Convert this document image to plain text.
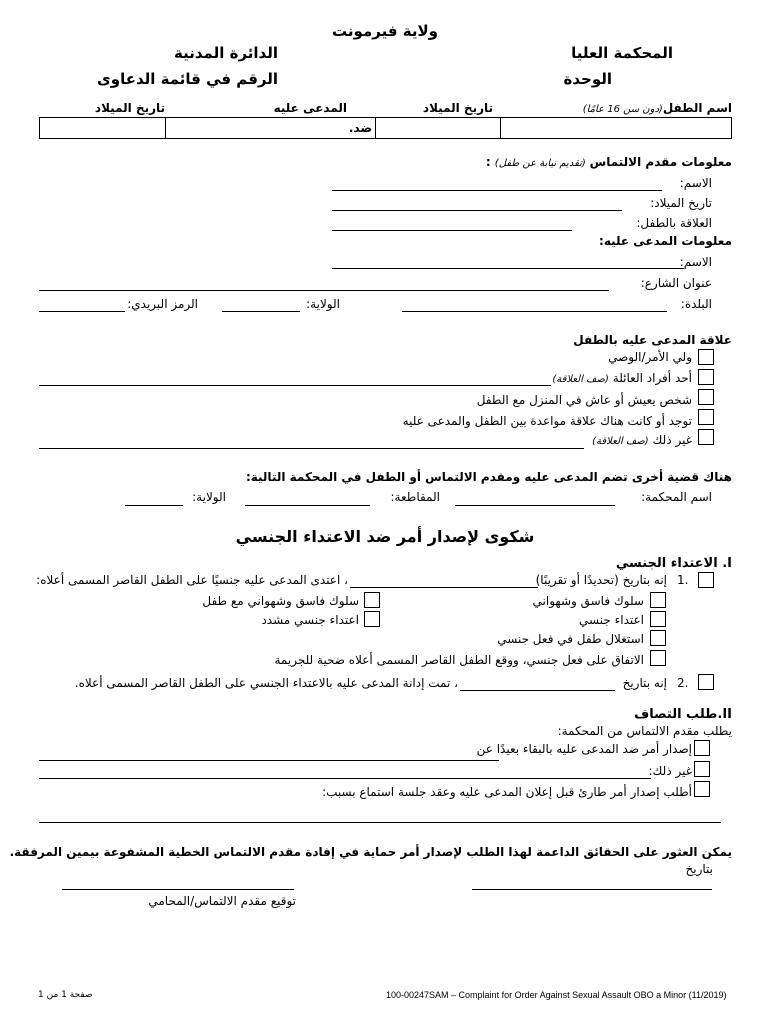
ولاية فيرمونت
المحكمة العليا
الدائرة المدنية
الوحدة
الرقم في قائمة الدعاوى
اسم الطفل(دون سن 16 عامًا)
تاريخ الميلاد
المدعى عليه
تاريخ الميلاد
ضد.
معلومات مقدم الالتماس (تقديم نيابة عن طفل) :
الاسم:
تاريخ الميلاد:
العلاقة بالطفل:
معلومات المدعى عليه:
الاسم:
عنوان الشارع:
البلدة:
الولاية:
الرمز البريدي:
علاقة المدعى عليه بالطفل
ولي الأمر/الوصي
أحد أفراد العائلة (صف العلاقة)
شخص يعيش أو عاش في المنزل مع الطفل
توجد أو كانت هناك علاقة مواعدة بين الطفل والمدعى عليه
غير ذلك (صف العلاقة)
هناك قضية أخرى تضم المدعى عليه ومقدم الالتماس أو الطفل في المحكمة التالية:
اسم المحكمة:
المقاطعة:
الولاية:
شكوى لإصدار أمر ضد الاعتداء الجنسي
I. الاعتداء الجنسي
1.
إنه بتاريخ (تحديدًا أو تقريبًا)
، اعتدى المدعى عليه جنسيًا على الطفل القاصر المسمى أعلاه:
سلوك فاسق وشهواني
سلوك فاسق وشهواني مع طفل
اعتداء جنسي
اعتداء جنسي مشدد
استغلال طفل في فعل جنسي
الاتفاق على فعل جنسي، ووقع الطفل القاصر المسمى أعلاه ضحية للجريمة
2.
إنه بتاريخ
، تمت إدانة المدعى عليه بالاعتداء الجنسي على الطفل القاصر المسمى أعلاه.
II.طلب التصاف
يطلب مقدم الالتماس من المحكمة:
إصدار أمر ضد المدعى عليه بالبقاء بعيدًا عن
غير ذلك:
أطلب إصدار أمر طارئ قبل إعلان المدعى عليه وعقد جلسة استماع بسبب:
يمكن العثور على الحقائق الداعمة لهذا الطلب لإصدار أمر حماية في إفادة مقدم الالتماس الخطية المشفوعة بيمين المرفقة.
بتاريخ
توقيع مقدم الالتماس/المحامي
100-00247SAM – Complaint for Order Against Sexual Assault OBO a Minor (11/2019)
صفحة 1 من 1
